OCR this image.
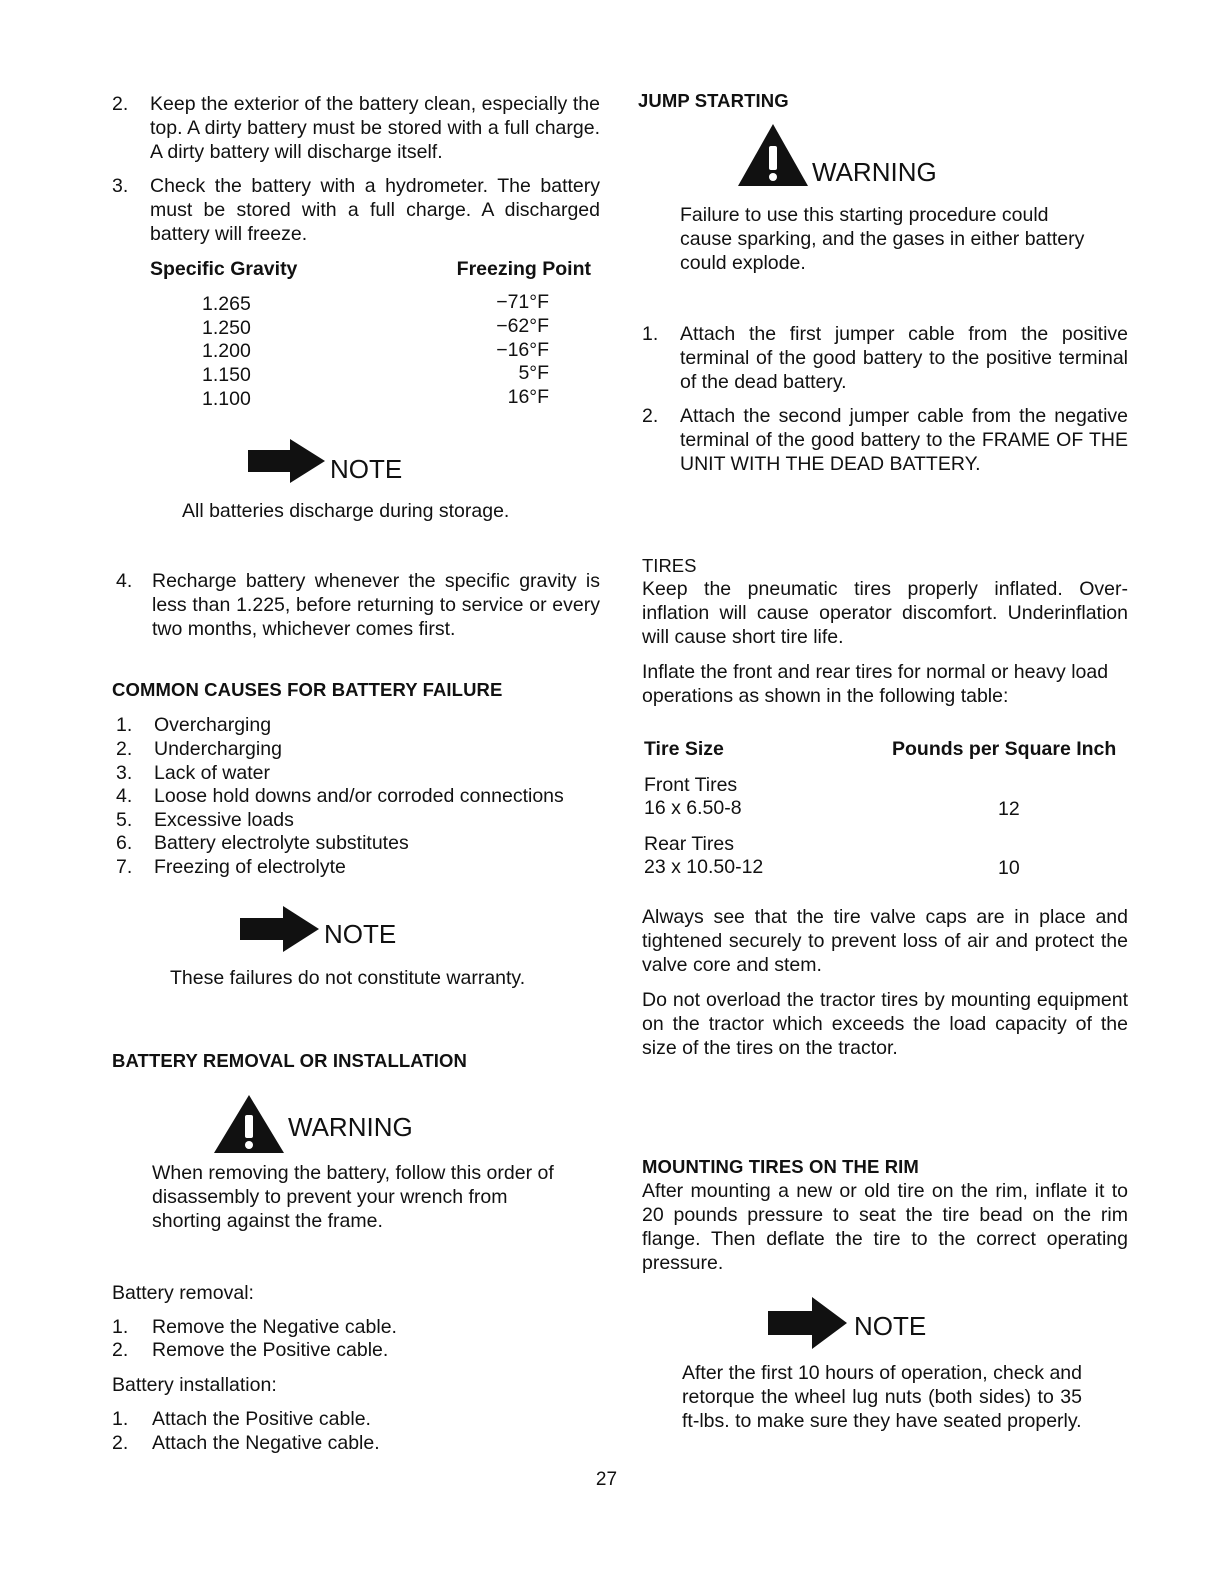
2. Keep the exterior of the battery clean, especially the top. A dirty battery must be stored with a full charge. A dirty battery will discharge itself.
3. Check the battery with a hydrometer. The battery must be stored with a full charge. A discharged battery will freeze.
Specific Gravity	Freezing Point
1.265	−71°F
1.250	−62°F
1.200	−16°F
1.150	5°F
1.100	16°F
NOTE
All batteries discharge during storage.
4. Recharge battery whenever the specific gravity is less than 1.225, before returning to service or every two months, whichever comes first.
COMMON CAUSES FOR BATTERY FAILURE
1. Overcharging
2. Undercharging
3. Lack of water
4. Loose hold downs and/or corroded connections
5. Excessive loads
6. Battery electrolyte substitutes
7. Freezing of electrolyte
NOTE
These failures do not constitute warranty.
BATTERY REMOVAL OR INSTALLATION
WARNING
When removing the battery, follow this order of disassembly to prevent your wrench from shorting against the frame.
Battery removal:
1. Remove the Negative cable.
2. Remove the Positive cable.
Battery installation:
1. Attach the Positive cable.
2. Attach the Negative cable.
JUMP STARTING
WARNING
Failure to use this starting procedure could cause sparking, and the gases in either battery could explode.
1. Attach the first jumper cable from the positive terminal of the good battery to the positive terminal of the dead battery.
2. Attach the second jumper cable from the negative terminal of the good battery to the FRAME OF THE UNIT WITH THE DEAD BATTERY.
TIRES
Keep the pneumatic tires properly inflated. Over-inflation will cause operator discomfort. Underinflation will cause short tire life.
Inflate the front and rear tires for normal or heavy load operations as shown in the following table:
Tire Size	Pounds per Square Inch
Front Tires
16 x 6.50-8	12
Rear Tires
23 x 10.50-12	10
Always see that the tire valve caps are in place and tightened securely to prevent loss of air and protect the valve core and stem.
Do not overload the tractor tires by mounting equipment on the tractor which exceeds the load capacity of the size of the tires on the tractor.
MOUNTING TIRES ON THE RIM
After mounting a new or old tire on the rim, inflate it to 20 pounds pressure to seat the tire bead on the rim flange. Then deflate the tire to the correct operating pressure.
NOTE
After the first 10 hours of operation, check and retorque the wheel lug nuts (both sides) to 35 ft-lbs. to make sure they have seated properly.
27
